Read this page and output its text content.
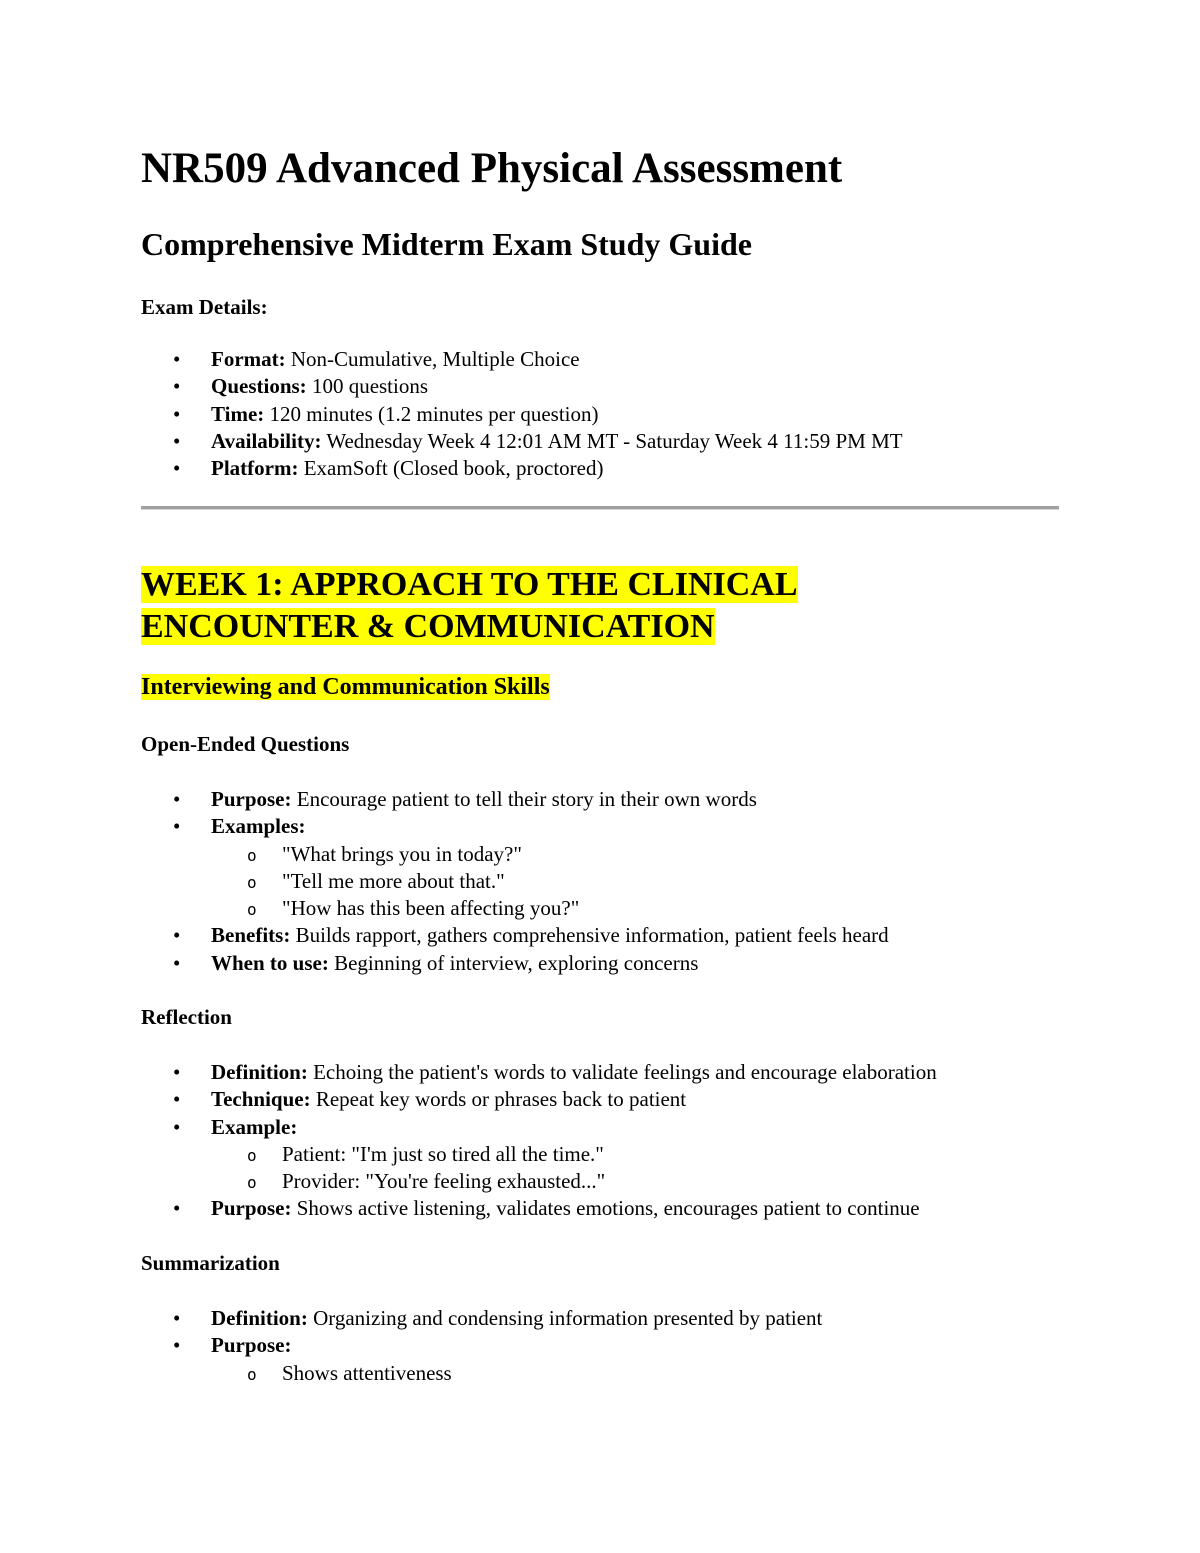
NR509 Advanced Physical Assessment
Comprehensive Midterm Exam Study Guide

Exam Details:

• Format: Non-Cumulative, Multiple Choice
• Questions: 100 questions
• Time: 120 minutes (1.2 minutes per question)
• Availability: Wednesday Week 4 12:01 AM MT - Saturday Week 4 11:59 PM MT
• Platform: ExamSoft (Closed book, proctored)
WEEK 1: APPROACH TO THE CLINICAL
ENCOUNTER & COMMUNICATION
Interviewing and Communication Skills

Open-Ended Questions

• Purpose: Encourage patient to tell their story in their own words
• Examples:
o "What brings you in today?"
o "Tell me more about that."
o "How has this been affecting you?"
• Benefits: Builds rapport, gathers comprehensive information, patient feels heard
• When to use: Beginning of interview, exploring concerns

Reflection

• Definition: Echoing the patient's words to validate feelings and encourage elaboration
• Technique: Repeat key words or phrases back to patient
• Example:
o Patient: "I'm just so tired all the time."
o Provider: "You're feeling exhausted..."
• Purpose: Shows active listening, validates emotions, encourages patient to continue

Summarization

• Definition: Organizing and condensing information presented by patient
• Purpose:
o Shows attentiveness
